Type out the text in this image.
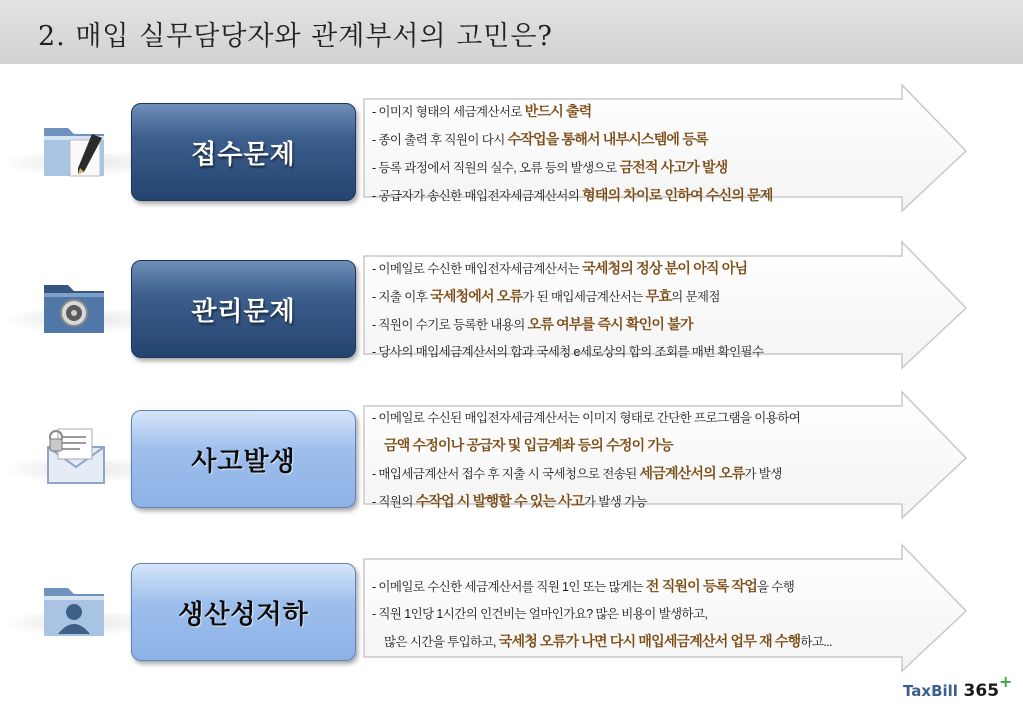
2. 매입 실무담당자와 관계부서의 고민은?
접수문제
- 이미지 형태의 세금계산서로 반드시 출력
- 종이 출력 후 직원이 다시 수작업을 통해서 내부시스템에 등록
- 등록 과정에서 직원의 실수, 오류 등의 발생으로 금전적 사고가 발생
- 공급자가 송신한 매입전자세금계산서의 형태의 차이로 인하여 수신의 문제
관리문제
- 이메일로 수신한 매입전자세금계산서는 국세청의 정상 분이 아직 아님
- 지출 이후 국세청에서 오류가 된 매입세금계산서는 무효의 문제점
- 직원이 수기로 등록한 내용의 오류 여부를 즉시 확인이 불가
- 당사의 매입세금계산서의 합과 국세청 e세로상의 합의 조회를 매번 확인필수
사고발생
- 이메일로 수신된 매입전자세금계산서는 이미지 형태로 간단한 프로그램을 이용하여
금액 수정이나 공급자 및 입금계좌 등의 수정이 가능
- 매입세금계산서 접수 후 지출 시 국세청으로 전송된 세금계산서의 오류가 발생
- 직원의 수작업 시 발행할 수 있는 사고가 발생 가능
생산성저하
- 이메일로 수신한 세금계산서를 직원 1인 또는 많게는 전 직원이 등록 작업을 수행
- 직원 1인당 1시간의 인건비는 얼마인가요? 많은 비용이 발생하고,
많은 시간을 투입하고, 국세청 오류가 나면 다시 매입세금계산서 업무 재 수행하고...
TaxBill 365+
